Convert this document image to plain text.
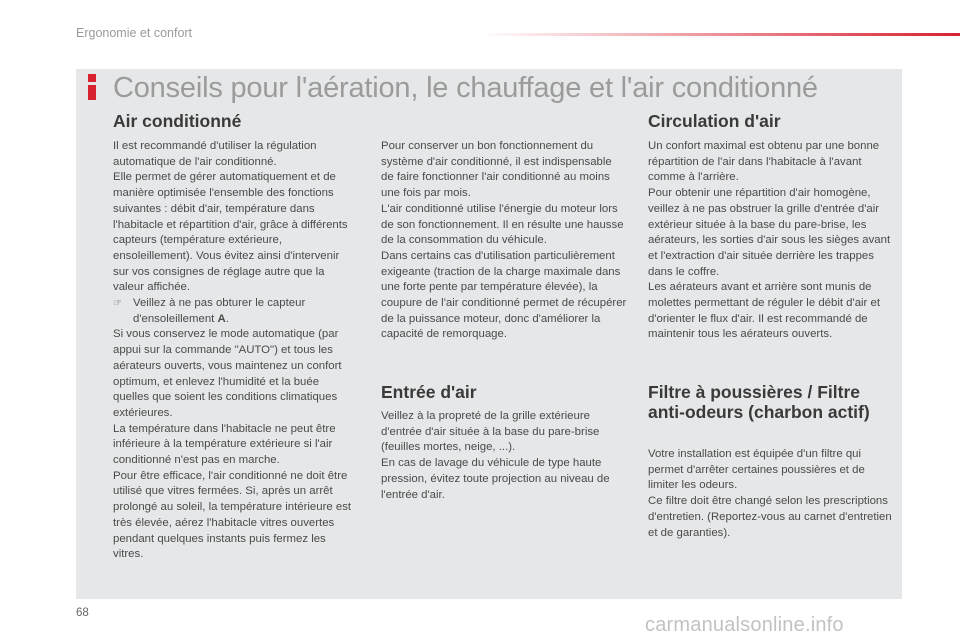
Ergonomie et confort
Conseils pour l'aération, le chauffage et l'air conditionné
Air conditionné

Il est recommandé d'utiliser la régulation automatique de l'air conditionné.

Elle permet de gérer automatiquement et de manière optimisée l'ensemble des fonctions suivantes : débit d'air, température dans l'habitacle et répartition d'air, grâce à différents capteurs (température extérieure, ensoleillement). Vous évitez ainsi d'intervenir sur vos consignes de réglage autre que la valeur affichée.

☞ Veillez à ne pas obturer le capteur d'ensoleillement A.

Si vous conservez le mode automatique (par appui sur la commande "AUTO") et tous les aérateurs ouverts, vous maintenez un confort optimum, et enlevez l'humidité et la buée quelles que soient les conditions climatiques extérieures.

La température dans l'habitacle ne peut être inférieure à la température extérieure si l'air conditionné n'est pas en marche.

Pour être efficace, l'air conditionné ne doit être utilisé que vitres fermées. Si, après un arrêt prolongé au soleil, la température intérieure est très élevée, aérez l'habitacle vitres ouvertes pendant quelques instants puis fermez les vitres.

Pour conserver un bon fonctionnement du système d'air conditionné, il est indispensable de faire fonctionner l'air conditionné au moins une fois par mois.

L'air conditionné utilise l'énergie du moteur lors de son fonctionnement. Il en résulte une hausse de la consommation du véhicule.

Dans certains cas d'utilisation particulièrement exigeante (traction de la charge maximale dans une forte pente par température élevée), la coupure de l'air conditionné permet de récupérer de la puissance moteur, donc d'améliorer la capacité de remorquage.

Entrée d'air

Veillez à la propreté de la grille extérieure d'entrée d'air située à la base du pare-brise (feuilles mortes, neige, ...).

En cas de lavage du véhicule de type haute pression, évitez toute projection au niveau de l'entrée d'air.

Circulation d'air

Un confort maximal est obtenu par une bonne répartition de l'air dans l'habitacle à l'avant comme à l'arrière.

Pour obtenir une répartition d'air homogène, veillez à ne pas obstruer la grille d'entrée d'air extérieur située à la base du pare-brise, les aérateurs, les sorties d'air sous les sièges avant et l'extraction d'air située derrière les trappes dans le coffre.

Les aérateurs avant et arrière sont munis de molettes permettant de réguler le débit d'air et d'orienter le flux d'air. Il est recommandé de maintenir tous les aérateurs ouverts.

Filtre à poussières / Filtre anti-odeurs (charbon actif)

Votre installation est équipée d'un filtre qui permet d'arrêter certaines poussières et de limiter les odeurs.

Ce filtre doit être changé selon les prescriptions d'entretien. (Reportez-vous au carnet d'entretien et de garanties).

68
carmanualsonline.info
